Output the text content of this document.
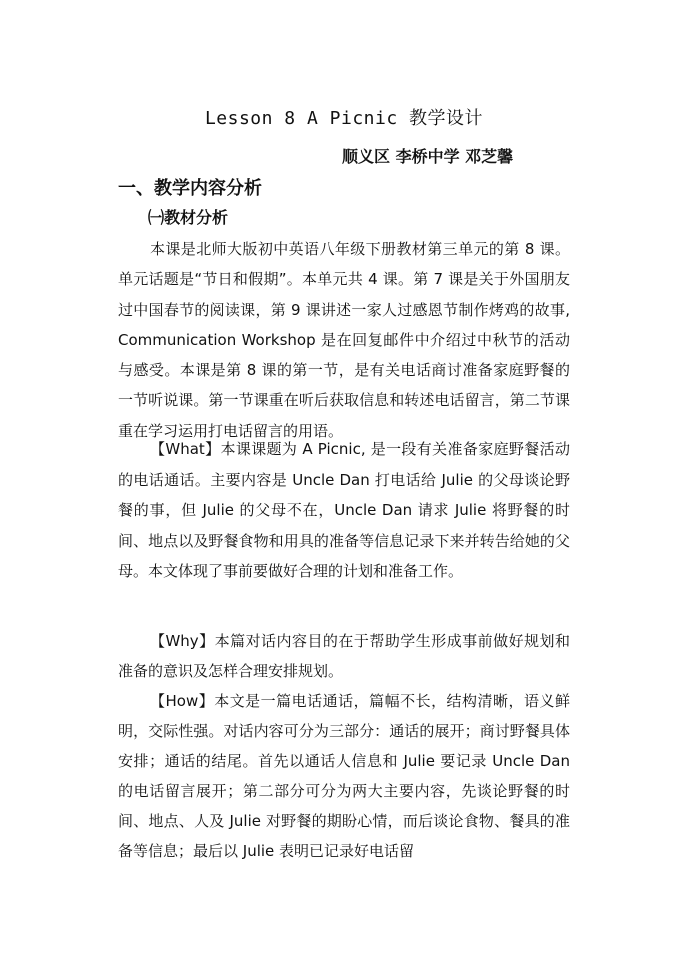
Lesson 8 A Picnic 教学设计
顺义区 李桥中学 邓芝馨
一、教学内容分析
㈠教材分析

本课是北师大版初中英语八年级下册教材第三单元的第 8 课。单元话题是“节日和假期”。本单元共 4 课。第 7 课是关于外国朋友过中国春节的阅读课，第 9 课讲述一家人过感恩节制作烤鸡的故事, Communication Workshop 是在回复邮件中介绍过中秋节的活动与感受。本课是第 8 课的第一节，是有关电话商讨准备家庭野餐的一节听说课。第一节课重在听后获取信息和转述电话留言，第二节课重在学习运用打电话留言的用语。

【What】本课课题为 A Picnic, 是一段有关准备家庭野餐活动的电话通话。主要内容是 Uncle Dan 打电话给 Julie 的父母谈论野餐的事，但 Julie 的父母不在，Uncle Dan 请求 Julie 将野餐的时间、地点以及野餐食物和用具的准备等信息记录下来并转告给她的父母。本文体现了事前要做好合理的计划和准备工作。

【Why】本篇对话内容目的在于帮助学生形成事前做好规划和准备的意识及怎样合理安排规划。

【How】本文是一篇电话通话，篇幅不长，结构清晰，语义鲜明，交际性强。对话内容可分为三部分：通话的展开；商讨野餐具体安排；通话的结尾。首先以通话人信息和 Julie 要记录 Uncle Dan 的电话留言展开；第二部分可分为两大主要内容，先谈论野餐的时间、地点、人及 Julie 对野餐的期盼心情，而后谈论食物、餐具的准备等信息；最后以 Julie 表明已记录好电话留
